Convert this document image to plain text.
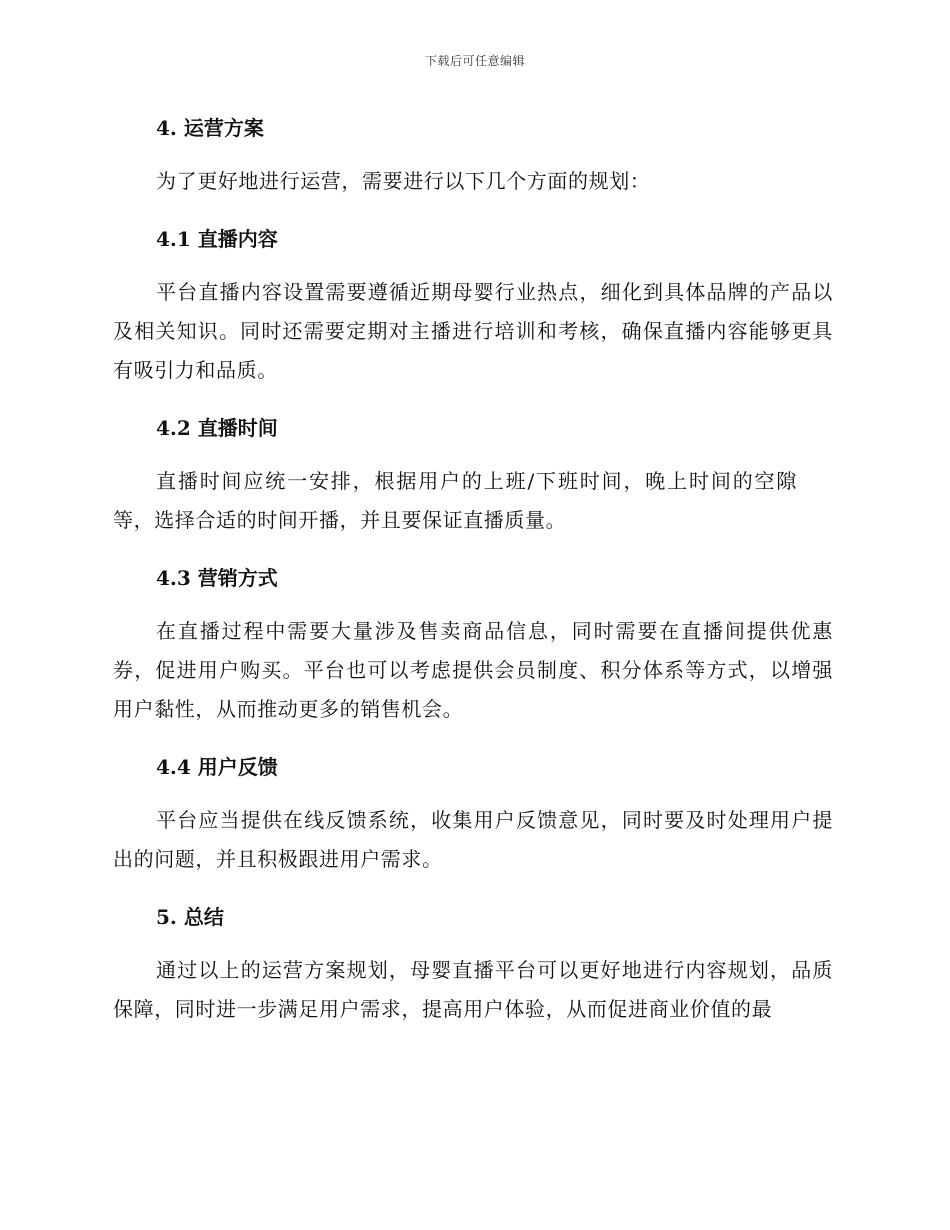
下载后可任意编辑
4. 运营方案

为了更好地进行运营，需要进行以下几个方面的规划：

4.1 直播内容

平台直播内容设置需要遵循近期母婴行业热点，细化到具体品牌的产品以及相关知识。同时还需要定期对主播进行培训和考核，确保直播内容能够更具有吸引力和品质。

4.2 直播时间

直播时间应统一安排，根据用户的上班/下班时间，晚上时间的空隙等，选择合适的时间开播，并且要保证直播质量。

4.3 营销方式

在直播过程中需要大量涉及售卖商品信息，同时需要在直播间提供优惠券，促进用户购买。平台也可以考虑提供会员制度、积分体系等方式，以增强用户黏性，从而推动更多的销售机会。

4.4 用户反馈

平台应当提供在线反馈系统，收集用户反馈意见，同时要及时处理用户提出的问题，并且积极跟进用户需求。

5. 总结

通过以上的运营方案规划，母婴直播平台可以更好地进行内容规划，品质保障，同时进一步满足用户需求，提高用户体验，从而促进商业价值的最
